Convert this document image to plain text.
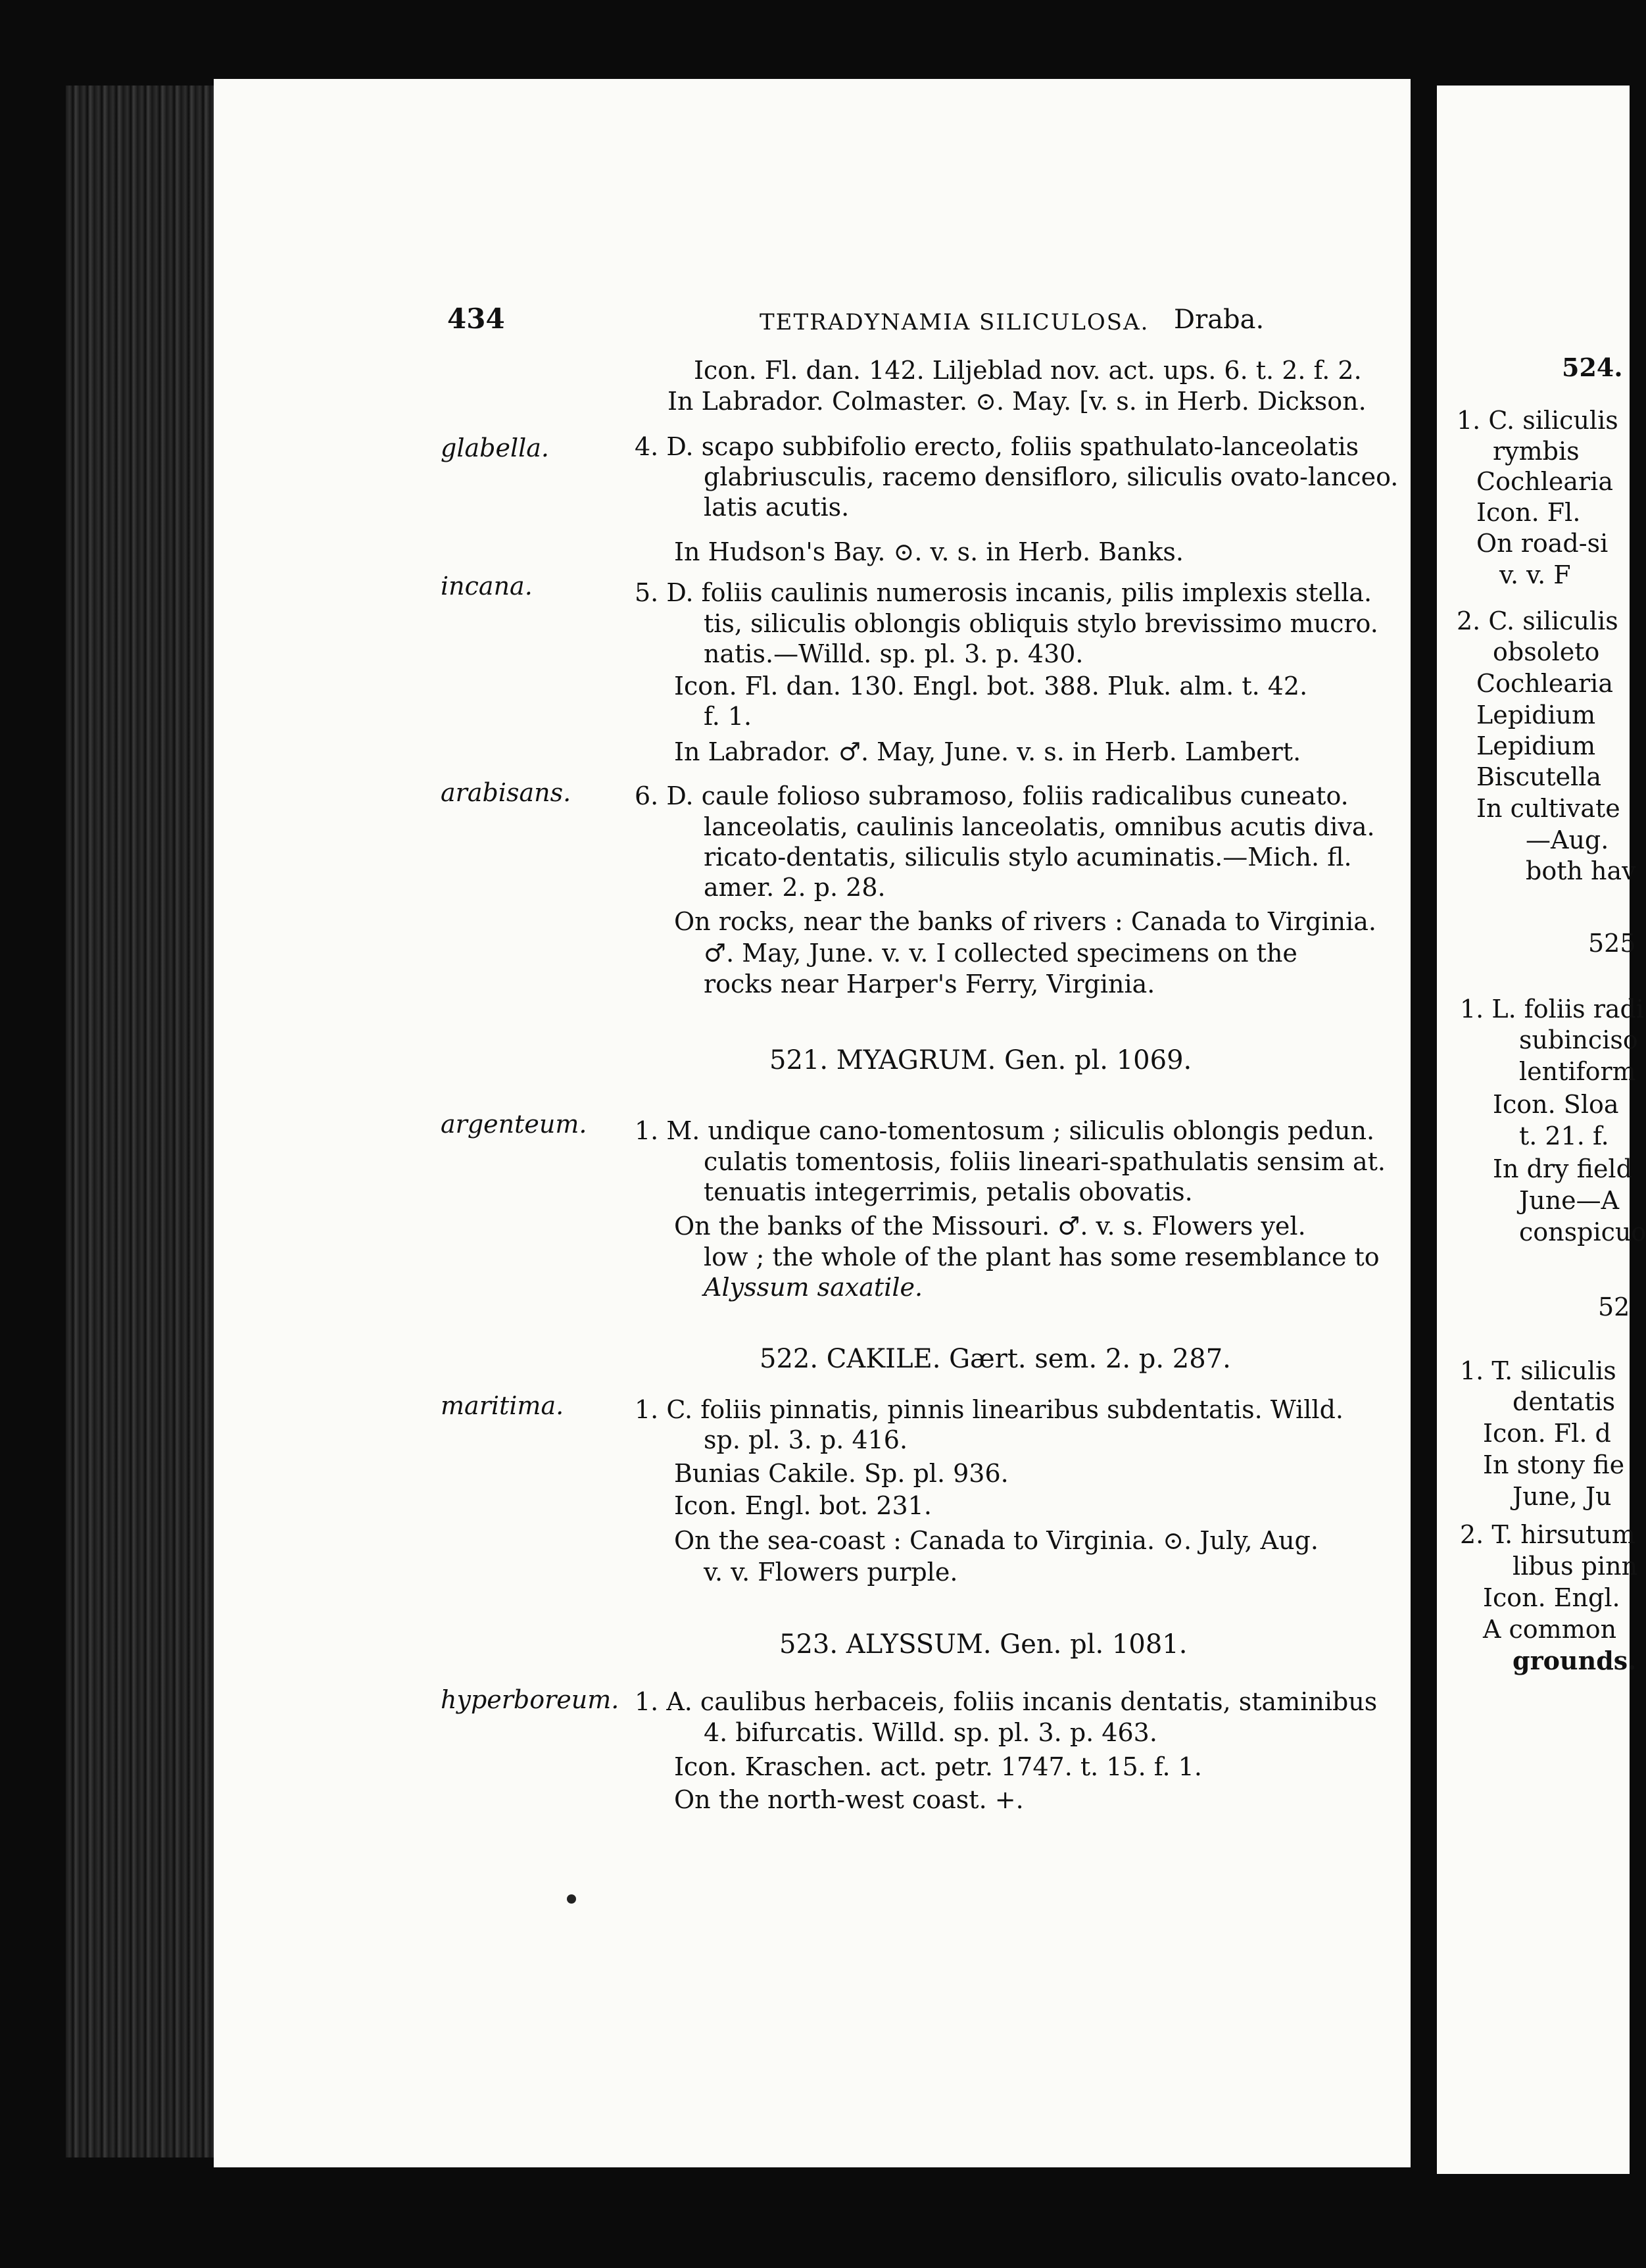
434	TETRADYNAMIA SILICULOSA. Draba.
glabella.
incana.
arabisans.
argenteum.
maritima.
hyperboreum.
Icon. Fl. dan. 142. Liljeblad nov. act. ups. 6. t. 2. f. 2.
In Labrador. Colmaster. ⊙. May. [v. s. in Herb. Dickson.
4. D. scapo subbifolio erecto, foliis spathulato-lanceolatis
glabriusculis, racemo densifloro, siliculis ovato-lanceo.
latis acutis.
In Hudson's Bay. ⊙. v. s. in Herb. Banks.
5. D. foliis caulinis numerosis incanis, pilis implexis stella.
tis, siliculis oblongis obliquis stylo brevissimo mucro.
natis.—Willd. sp. pl. 3. p. 430.
Icon. Fl. dan. 130. Engl. bot. 388. Pluk. alm. t. 42.
f. 1.
In Labrador. ♂. May, June. v. s. in Herb. Lambert.
6. D. caule folioso subramoso, foliis radicalibus cuneato.
lanceolatis, caulinis lanceolatis, omnibus acutis diva.
ricato-dentatis, siliculis stylo acuminatis.—Mich. fl.
amer. 2. p. 28.
On rocks, near the banks of rivers : Canada to Virginia.
♂. May, June. v. v. I collected specimens on the
rocks near Harper's Ferry, Virginia.
521. MYAGRUM. Gen. pl. 1069.
1. M. undique cano-tomentosum ; siliculis oblongis pedun.
culatis tomentosis, foliis lineari-spathulatis sensim at.
tenuatis integerrimis, petalis obovatis.
On the banks of the Missouri. ♂. v. s. Flowers yel.
low ; the whole of the plant has some resemblance to
Alyssum saxatile.
522. CAKILE. Gært. sem. 2. p. 287.
1. C. foliis pinnatis, pinnis linearibus subdentatis. Willd.
sp. pl. 3. p. 416.
Bunias Cakile. Sp. pl. 936.
Icon. Engl. bot. 231.
On the sea-coast : Canada to Virginia. ⊙. July, Aug.
v. v. Flowers purple.
523. ALYSSUM. Gen. pl. 1081.
1. A. caulibus herbaceis, foliis incanis dentatis, staminibus
4. bifurcatis. Willd. sp. pl. 3. p. 463.
Icon. Kraschen. act. petr. 1747. t. 15. f. 1.
On the north-west coast. +.
524.
1. C. siliculis
rymbis
Cochlearia
Icon. Fl.
On road-si
v. v. F
2. C. siliculis
obsoleto
Cochlearia
Lepidium
Lepidium
Biscutella
In cultivate
—Aug.
both hav
525
1. L. foliis radi
subinciso
lentiform
Icon. Sloa
t. 21. f.
In dry field
June—A
conspicuo
52
1. T. siliculis
dentatis
Icon. Fl. d
In stony fie
June, Ju
2. T. hirsutum
libus pinn
Icon. Engl.
A common
grounds.
